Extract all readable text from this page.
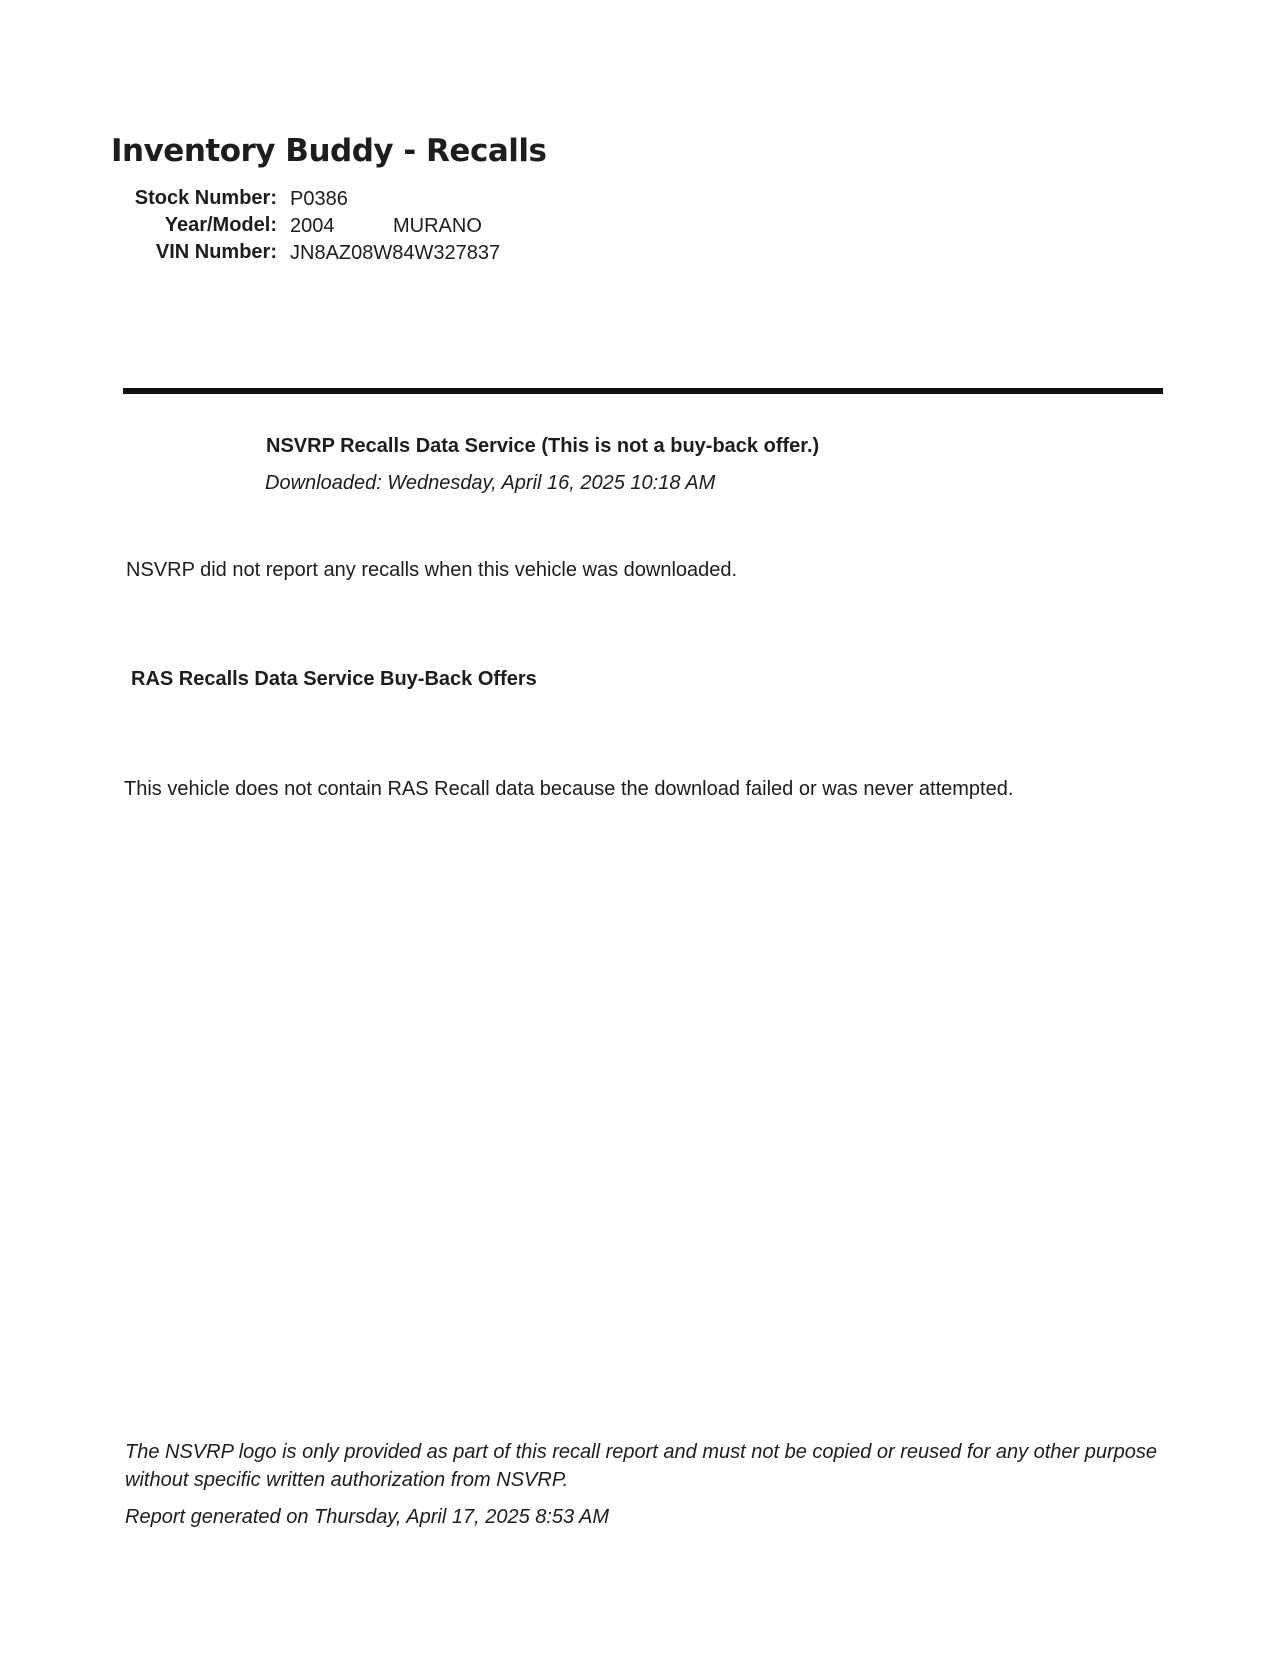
Inventory Buddy - Recalls
Stock Number: P0386
Year/Model: 2004	MURANO
VIN Number: JN8AZ08W84W327837

NSVRP Recalls Data Service (This is not a buy-back offer.)

Downloaded: Wednesday, April 16, 2025 10:18 AM

NSVRP did not report any recalls when this vehicle was downloaded.

RAS Recalls Data Service Buy-Back Offers

This vehicle does not contain RAS Recall data because the download failed or was never attempted.

The NSVRP logo is only provided as part of this recall report and must not be copied or reused for any other purpose without specific written authorization from NSVRP.

Report generated on Thursday, April 17, 2025 8:53 AM
